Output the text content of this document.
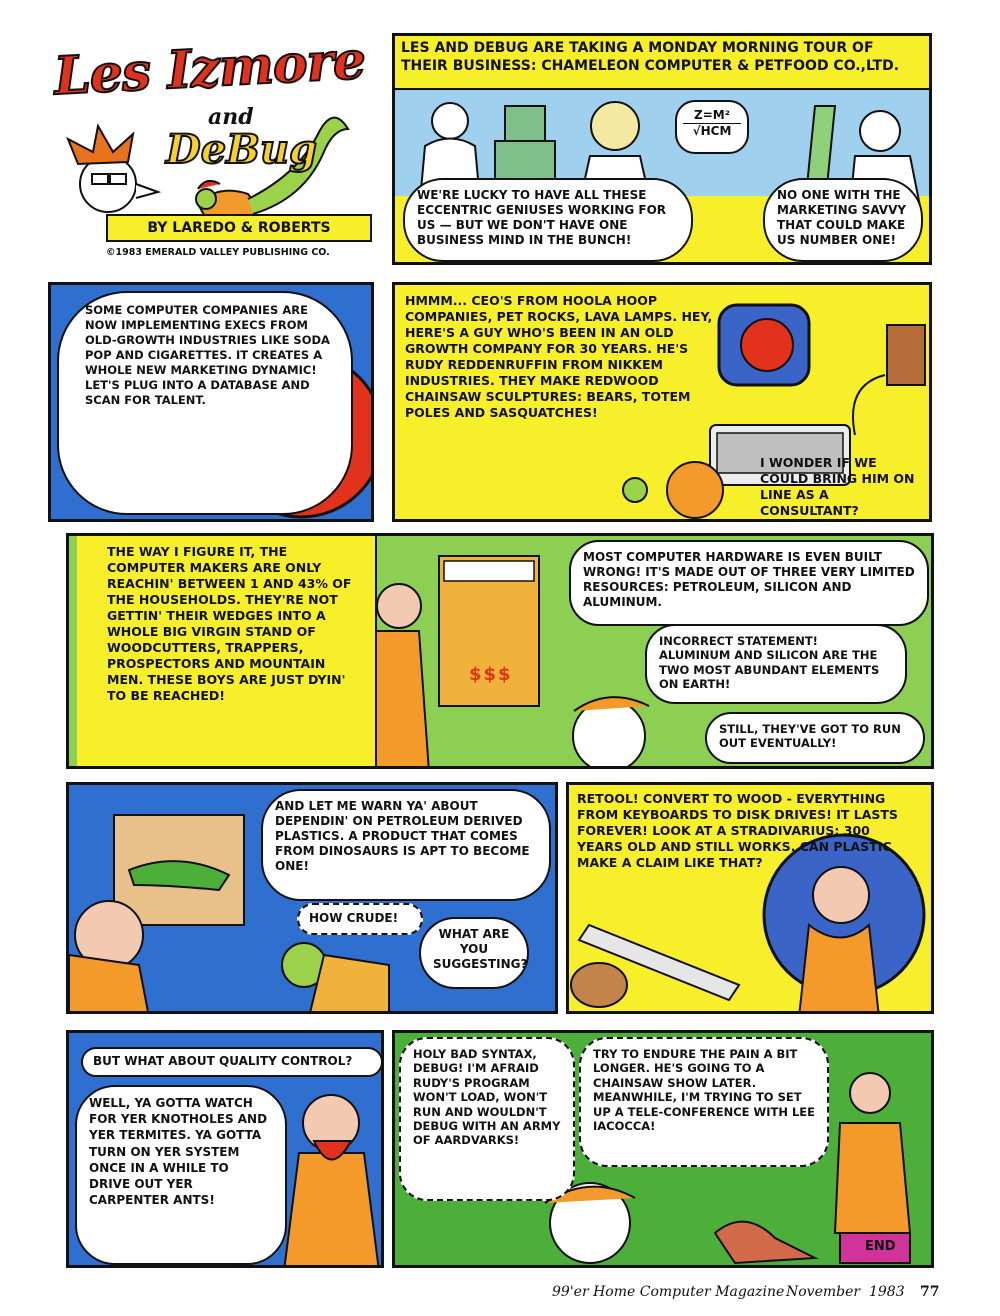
Les Izmore
and
DeBug
BY LAREDO & ROBERTS
©1983 EMERALD VALLEY PUBLISHING CO.
LES AND DEBUG ARE TAKING A MONDAY MORNING TOUR OF THEIR BUSINESS: CHAMELEON COMPUTER & PETFOOD CO.,LTD.
Z=M²
√HCM
WE'RE LUCKY TO HAVE ALL THESE ECCENTRIC GENIUSES WORKING FOR US — BUT WE DON'T HAVE ONE BUSINESS MIND IN THE BUNCH!
NO ONE WITH THE MARKETING SAVVY THAT COULD MAKE US NUMBER ONE!
SOME COMPUTER COMPANIES ARE NOW IMPLEMENTING EXECS FROM OLD-GROWTH INDUSTRIES LIKE SODA POP AND CIGARETTES. IT CREATES A WHOLE NEW MARKETING DYNAMIC! LET'S PLUG INTO A DATABASE AND SCAN FOR TALENT.
HMMM... CEO'S FROM HOOLA HOOP COMPANIES, PET ROCKS, LAVA LAMPS. HEY, HERE'S A GUY WHO'S BEEN IN AN OLD GROWTH COMPANY FOR 30 YEARS. HE'S RUDY REDDENRUFFIN FROM NIKKEM INDUSTRIES. THEY MAKE REDWOOD CHAINSAW SCULPTURES: BEARS, TOTEM POLES AND SASQUATCHES!
I WONDER IF WE COULD BRING HIM ON LINE AS A CONSULTANT?
THE WAY I FIGURE IT, THE COMPUTER MAKERS ARE ONLY REACHIN' BETWEEN 1 AND 43% OF THE HOUSEHOLDS. THEY'RE NOT GETTIN' THEIR WEDGES INTO A WHOLE BIG VIRGIN STAND OF WOODCUTTERS, TRAPPERS, PROSPECTORS AND MOUNTAIN MEN. THESE BOYS ARE JUST DYIN' TO BE REACHED!
$$$
MOST COMPUTER HARDWARE IS EVEN BUILT WRONG! IT'S MADE OUT OF THREE VERY LIMITED RESOURCES: PETROLEUM, SILICON AND ALUMINUM.
INCORRECT STATEMENT! ALUMINUM AND SILICON ARE THE TWO MOST ABUNDANT ELEMENTS ON EARTH!
STILL, THEY'VE GOT TO RUN OUT EVENTUALLY!
AND LET ME WARN YA' ABOUT DEPENDIN' ON PETROLEUM DERIVED PLASTICS. A PRODUCT THAT COMES FROM DINOSAURS IS APT TO BECOME ONE!
HOW CRUDE!
WHAT ARE YOU SUGGESTING?
RETOOL! CONVERT TO WOOD - EVERYTHING FROM KEYBOARDS TO DISK DRIVES! IT LASTS FOREVER! LOOK AT A STRADIVARIUS: 300 YEARS OLD AND STILL WORKS. CAN PLASTIC MAKE A CLAIM LIKE THAT?
BUT WHAT ABOUT QUALITY CONTROL?
WELL, YA GOTTA WATCH FOR YER KNOTHOLES AND YER TERMITES. YA GOTTA TURN ON YER SYSTEM ONCE IN A WHILE TO DRIVE OUT YER CARPENTER ANTS!
HOLY BAD SYNTAX, DEBUG! I'M AFRAID RUDY'S PROGRAM WON'T LOAD, WON'T RUN AND WOULDN'T DEBUG WITH AN ARMY OF AARDVARKS!
TRY TO ENDURE THE PAIN A BIT LONGER. HE'S GOING TO A CHAINSAW SHOW LATER. MEANWHILE, I'M TRYING TO SET UP A TELE-CONFERENCE WITH LEE IACOCCA!
END
99'er Home Computer Magazine November  1983 77
